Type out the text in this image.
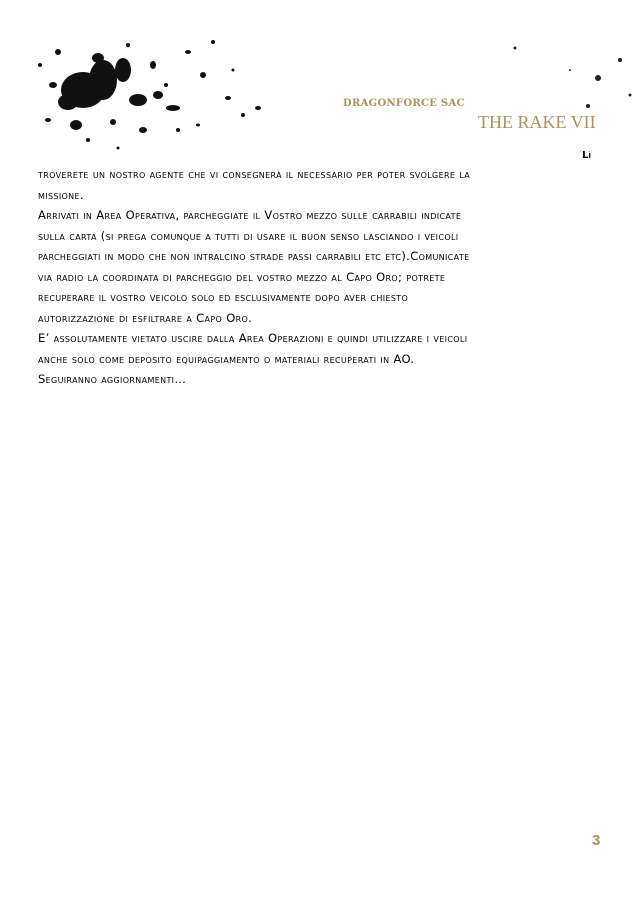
DRAGONFORCE SAC
THE RAKE VII
Lì

troverete un nostro agente che vi consegnerà il necessario per poter svolgere la

missione.

Arrivati in Area Operativa, parcheggiate il Vostro mezzo sulle carrabili indicate

sulla carta (si prega comunque a tutti di usare il buon senso lasciando i veicoli

parcheggiati in modo che non intralcino strade passi carrabili etc etc).Comunicate

via radio la coordinata di parcheggio del vostro mezzo al Capo Oro; potrete

recuperare il vostro veicolo solo ed esclusivamente dopo aver chiesto

autorizzazione di esfiltrare a Capo Oro.

E’ assolutamente vietato uscire dalla Area Operazioni e quindi utilizzare i veicoli

anche solo come deposito equipaggiamento o materiali recuperati in AO.

Seguiranno aggiornamenti…

3
